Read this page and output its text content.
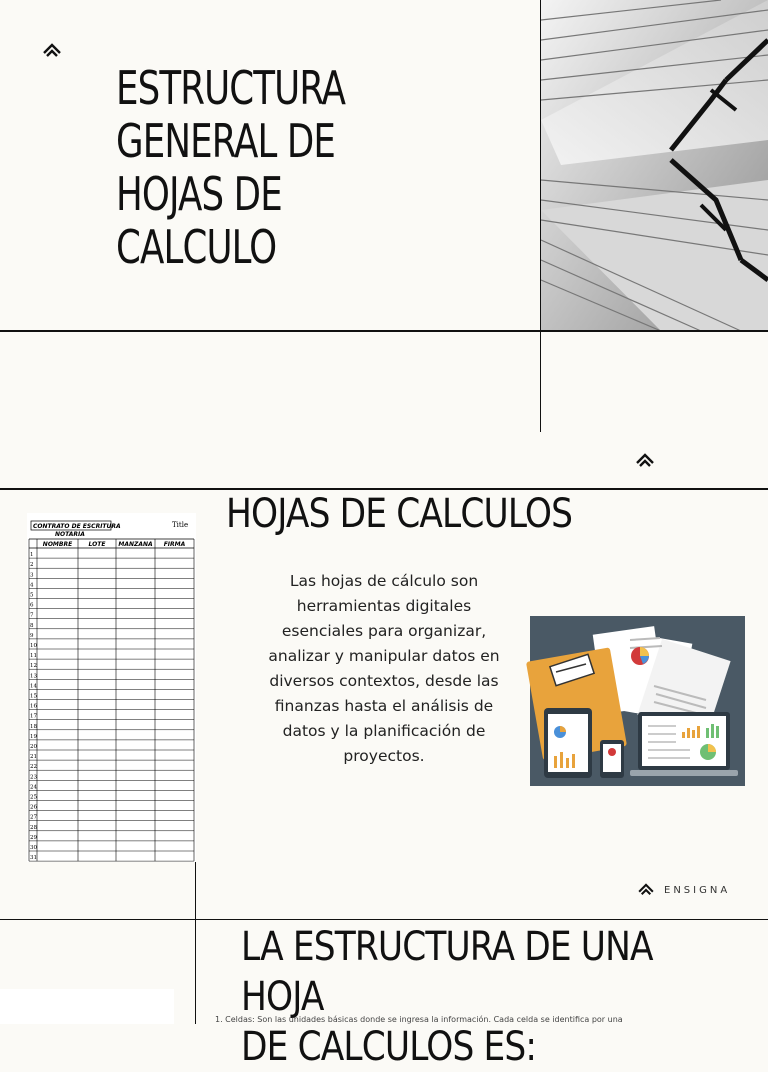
ESTRUCTURA
GENERAL DE
HOJAS DE
CALCULO
HOJAS DE CALCULOS
CONTRATO DE ESCRITURA
NOTARIA
Title
NOMBRE	LOTE MANZANA FIRMA
1
2
3
4
5
6
7
8
9
10
11
12
13
14
15
16
17
18
19
20
21
22
23
24
25
26
27
28
29
30
31
Las hojas de cálculo son herramientas digitales esenciales para organizar, analizar y manipular datos en diversos contextos, desde las finanzas hasta el análisis de datos y la planificación de proyectos.
ENSIGNA
LA ESTRUCTURA DE UNA HOJA
DE CALCULOS ES:
1. Celdas: Son las unidades básicas donde se ingresa la información. Cada celda se identifica por una
